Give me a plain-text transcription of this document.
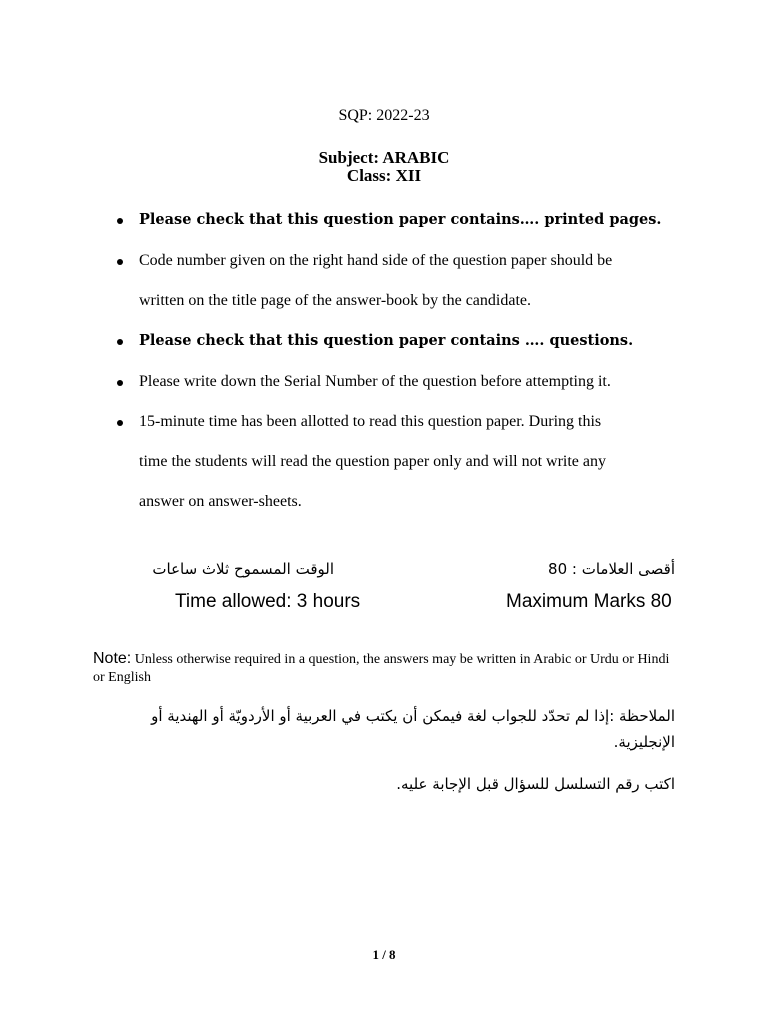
SQP: 2022-23
Subject: ARABIC
Class: XII
Please check that this question paper contains…. printed pages.
Code number given on the right hand side of the question paper should be
written on the title page of the answer-book by the candidate.
Please check that this question paper contains …. questions.
Please write down the Serial Number of the question before attempting it.
15-minute time has been allotted to read this question paper. During this
time the students will read the question paper only and will not write any
answer on answer-sheets.
الوقت المسموح ثلاث ساعات	أقصى العلامات : 80
Time allowed: 3 hours	Maximum Marks 80
Note: Unless otherwise required in a question, the answers may be written in Arabic or Urdu or Hindi or English
الملاحظة :إذا لم تحدّد للجواب لغة فيمكن أن يكتب في العربية أو الأردويّة أو الهندية أو
الإنجليزية.
اكتب رقم التسلسل للسؤال قبل الإجابة عليه.
1 / 8
